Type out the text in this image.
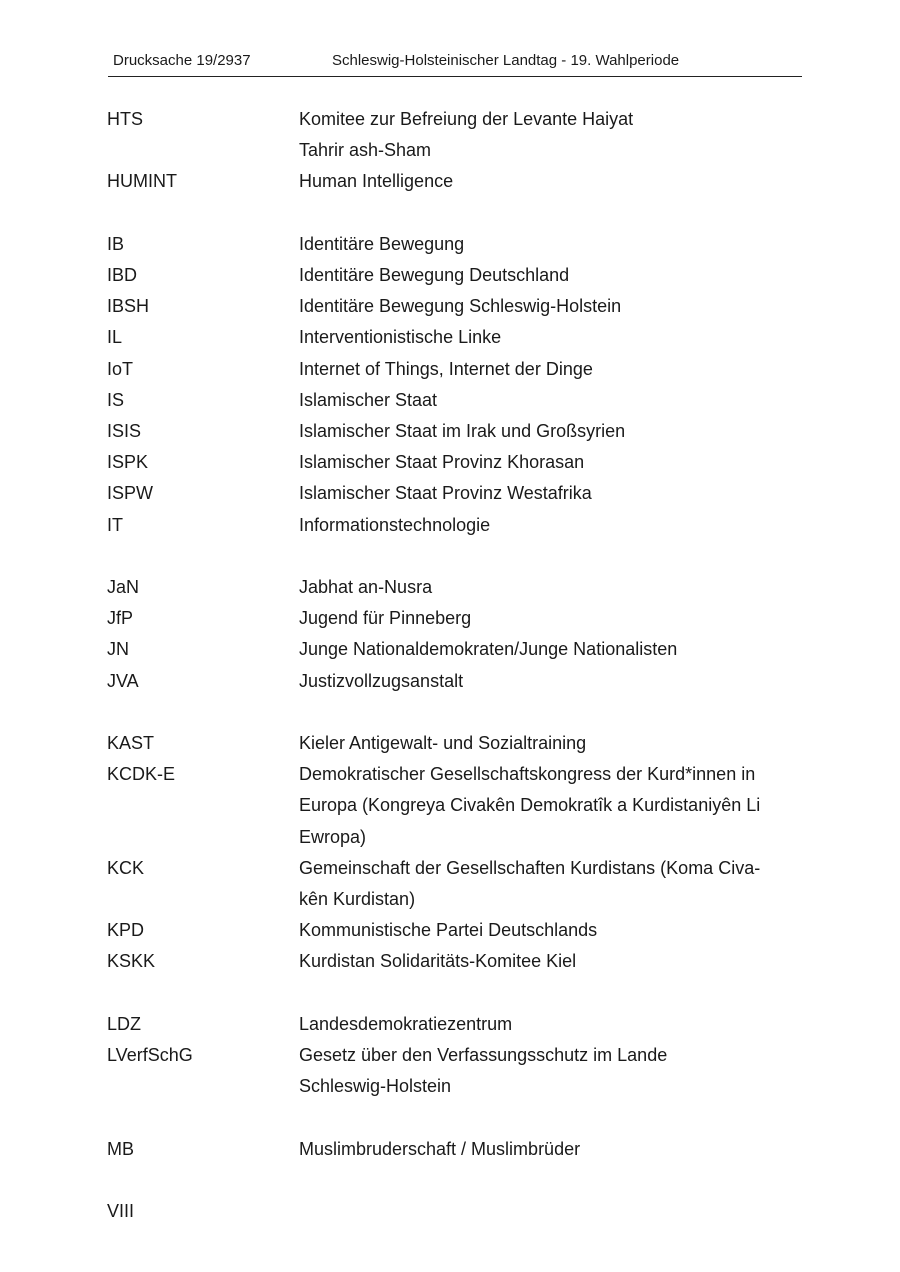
Drucksache 19/2937	Schleswig-Holsteinischer Landtag - 19. Wahlperiode
HTS	Komitee zur Befreiung der Levante Haiyat
Tahrir ash-Sham
HUMINT	Human Intelligence
IB	Identitäre Bewegung
IBD	Identitäre Bewegung Deutschland
IBSH	Identitäre Bewegung Schleswig-Holstein
IL	Interventionistische Linke
IoT	Internet of Things, Internet der Dinge
IS	Islamischer Staat
ISIS	Islamischer Staat im Irak und Großsyrien
ISPK	Islamischer Staat Provinz Khorasan
ISPW	Islamischer Staat Provinz Westafrika
IT	Informationstechnologie
JaN	Jabhat an-Nusra
JfP	Jugend für Pinneberg
JN	Junge Nationaldemokraten/Junge Nationalisten
JVA	Justizvollzugsanstalt
KAST	Kieler Antigewalt- und Sozialtraining
KCDK-E	Demokratischer Gesellschaftskongress der Kurd*innen in
Europa (Kongreya Civakên Demokratîk a Kurdistaniyên Li
Ewropa)
KCK	Gemeinschaft der Gesellschaften Kurdistans (Koma Civa-
kên Kurdistan)
KPD	Kommunistische Partei Deutschlands
KSKK	Kurdistan Solidaritäts-Komitee Kiel
LDZ	Landesdemokratiezentrum
LVerfSchG	Gesetz über den Verfassungsschutz im Lande
Schleswig-Holstein
MB	Muslimbruderschaft / Muslimbrüder
VIII
